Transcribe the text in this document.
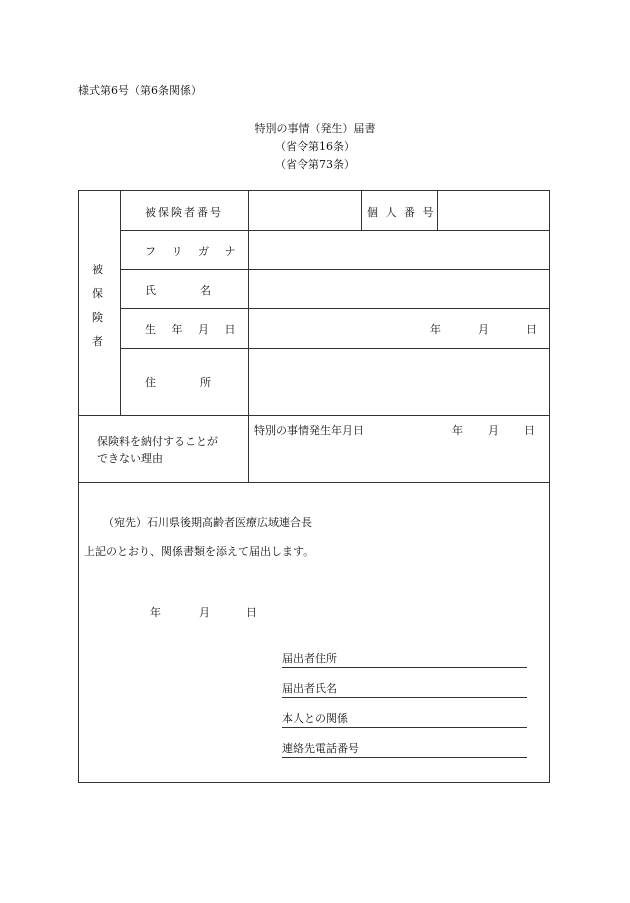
様式第6号（第6条関係）
特別の事情（発生）届書
（省令第16条）
（省令第73条）
被
保
険
者
被保険者番号	個 人 番 号
フ リ ガ ナ
氏　　　　名
生 年 月 日	年	月	日
住　　　　所
保険料を納付することが
できない理由
特別の事情発生年月日	年 月 日
（宛先）石川県後期高齢者医療広域連合長
上記のとおり、関係書類を添えて届出します。
年	月	日
届出者住所
届出者氏名
本人との関係
連絡先電話番号
